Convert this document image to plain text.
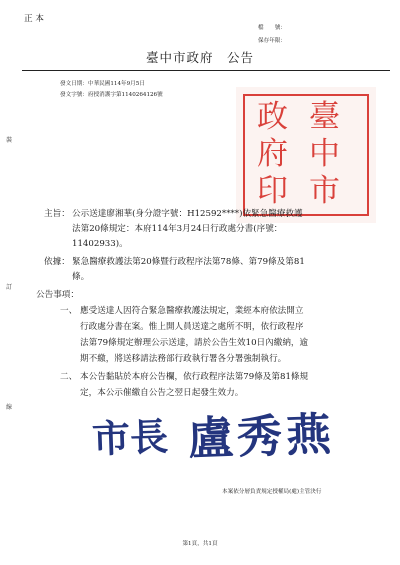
正 本
檔　　號：
保存年限：
臺中市政府　公告
發文日期：中華民國114年9月5日
發文字號：府授消護字第1140264126號
裝
訂
線
臺
中
市
政
府
印
主旨： 公示送達廖湘華(身分證字號：H12592****)依緊急醫療救護
法第20條規定：本府114年3月24日行政處分書(序號：
11402933)。
依據： 緊急醫療救護法第20條暨行政程序法第78條、第79條及第81
條。
公告事項：
一、 應受送達人因符合緊急醫療救護法規定，業經本府依法開立
行政處分書在案。惟上開人員送達之處所不明，依行政程序
法第79條規定辦理公示送達，請於公告生效10日內繳納，逾
期不繳，將送移請法務部行政執行署各分署強制執行。
二、 本公告黏貼於本府公告欄，依行政程序法第79條及第81條規
定，本公示催繳自公告之翌日起發生效力。
市長 盧秀燕
本案依分層負責規定授權局(處)主管決行
第1頁，共1頁
